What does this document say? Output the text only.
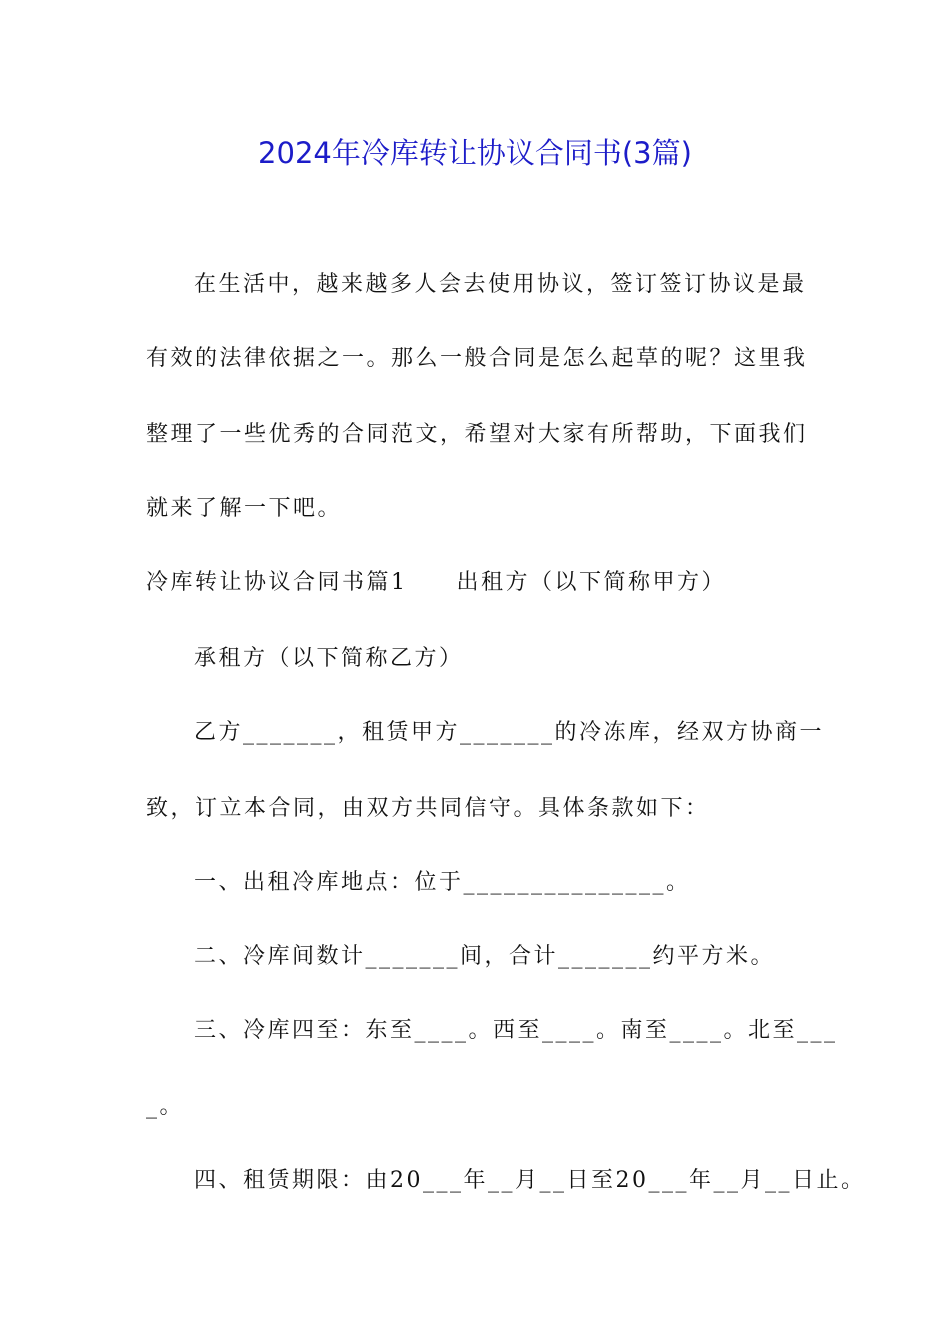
2024年冷库转让协议合同书(3篇)
在生活中，越来越多人会去使用协议，签订签订协议是最
有效的法律依据之一。那么一般合同是怎么起草的呢？这里我
整理了一些优秀的合同范文，希望对大家有所帮助，下面我们
就来了解一下吧。
冷库转让协议合同书篇1　　出租方（以下简称甲方）
承租方（以下简称乙方）
乙方_______，租赁甲方_______的冷冻库，经双方协商一
致，订立本合同，由双方共同信守。具体条款如下：
一、出租冷库地点：位于_______________。
二、冷库间数计_______间，合计_______约平方米。
三、冷库四至：东至____。西至____。南至____。北至___
_。
四、租赁期限：由20___年__月__日至20___年__月__日止。
